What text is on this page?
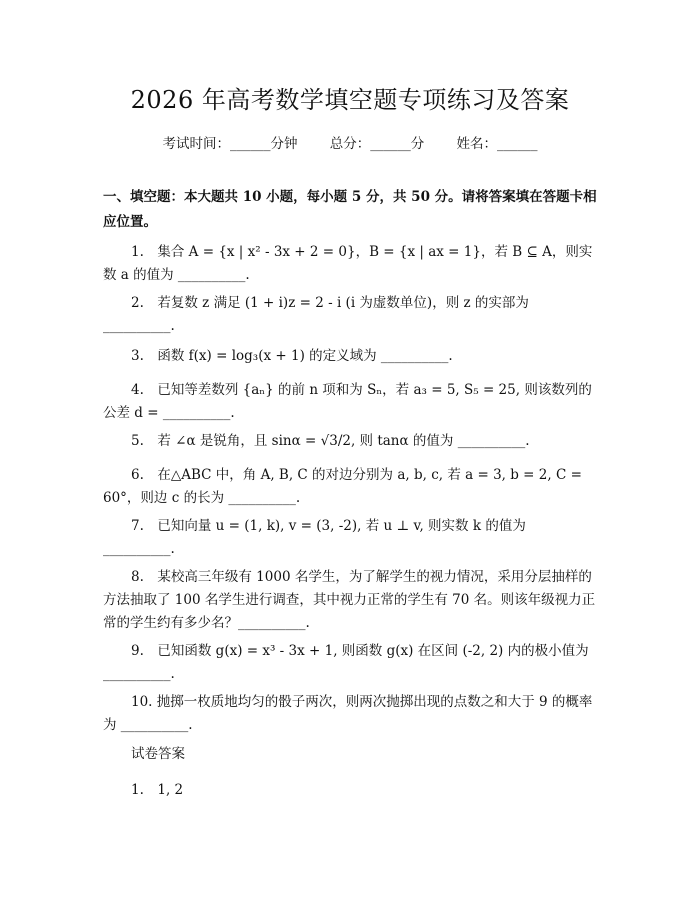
2026 年高考数学填空题专项练习及答案
考试时间：______分钟 总分：______分 姓名：______
一、填空题：本大题共 10 小题，每小题 5 分，共 50 分。请将答案填在答题卡相应位置。
1.　集合 A = {x | x² - 3x + 2 = 0}，B = {x | ax = 1}，若 B ⊆ A，则实数 a 的值为 __________.
2.　若复数 z 满足 (1 + i)z = 2 - i (i 为虚数单位)，则 z 的实部为 __________.
3.　函数 f(x) = log₃(x + 1) 的定义域为 __________.
4.　已知等差数列 {aₙ} 的前 n 项和为 Sₙ，若 a₃ = 5, S₅ = 25, 则该数列的公差 d = __________.
5.　若 ∠α 是锐角，且 sinα = √3/2, 则 tanα 的值为 __________.
6.　在△ABC 中，角 A, B, C 的对边分别为 a, b, c, 若 a = 3, b = 2, C = 60°，则边 c 的长为 __________.
7.　已知向量 u = (1, k), v = (3, -2), 若 u ⊥ v, 则实数 k 的值为 __________.
8.　某校高三年级有 1000 名学生，为了解学生的视力情况，采用分层抽样的方法抽取了 100 名学生进行调查，其中视力正常的学生有 70 名。则该年级视力正常的学生约有多少名？__________.
9.　已知函数 g(x) = x³ - 3x + 1, 则函数 g(x) 在区间 (-2, 2) 内的极小值为 __________.
10. 抛掷一枚质地均匀的骰子两次，则两次抛掷出现的点数之和大于 9 的概率为 __________.
试卷答案
1.　1, 2
